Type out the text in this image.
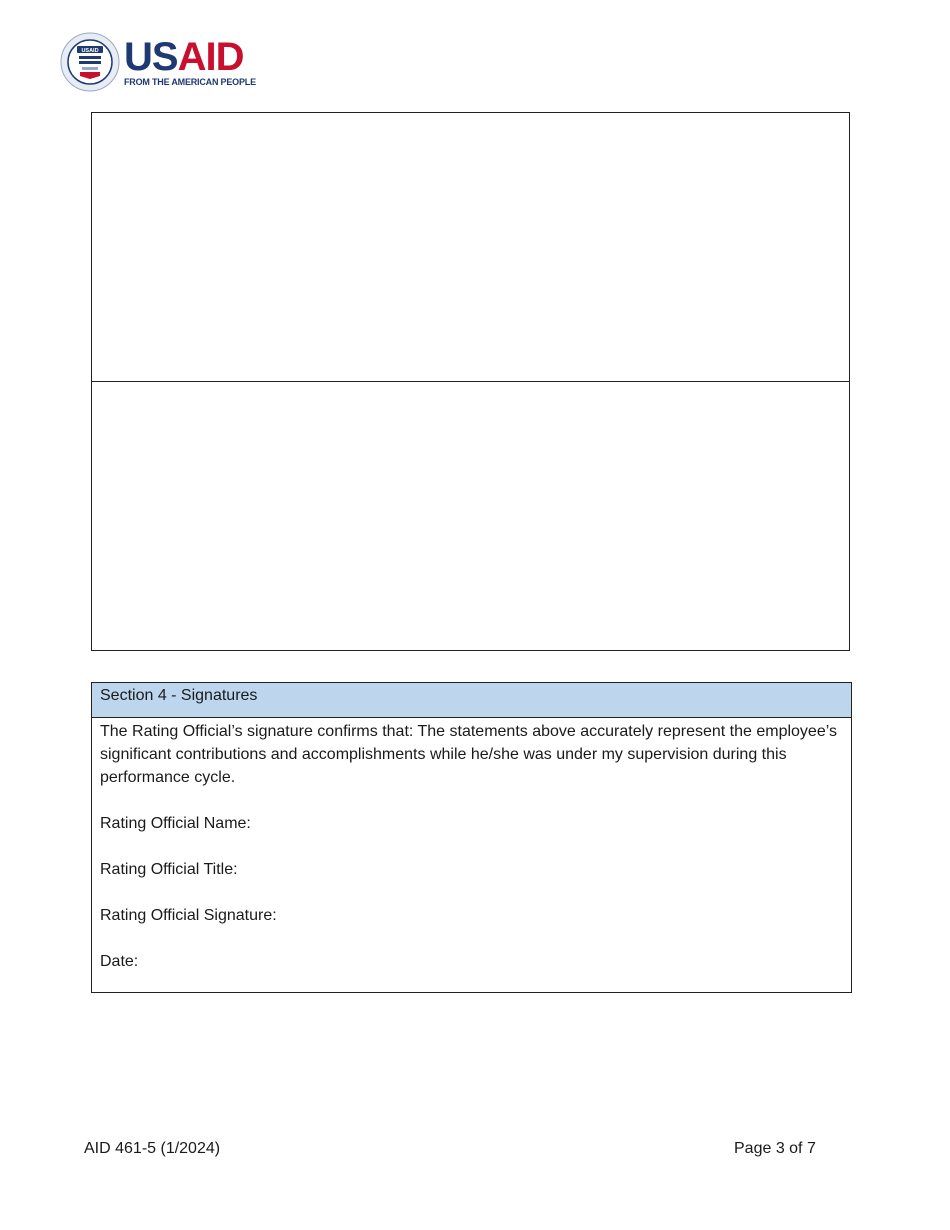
USAID USAID
FROM THE AMERICAN PEOPLE
Section 4 - Signatures

The Rating Official’s signature confirms that: The statements above accurately represent the employee’s significant contributions and accomplishments while he/she was under my supervision during this performance cycle.

Rating Official Name:

Rating Official Title:

Rating Official Signature:

Date:

AID 461-5 (1/2024)	Page 3 of 7
